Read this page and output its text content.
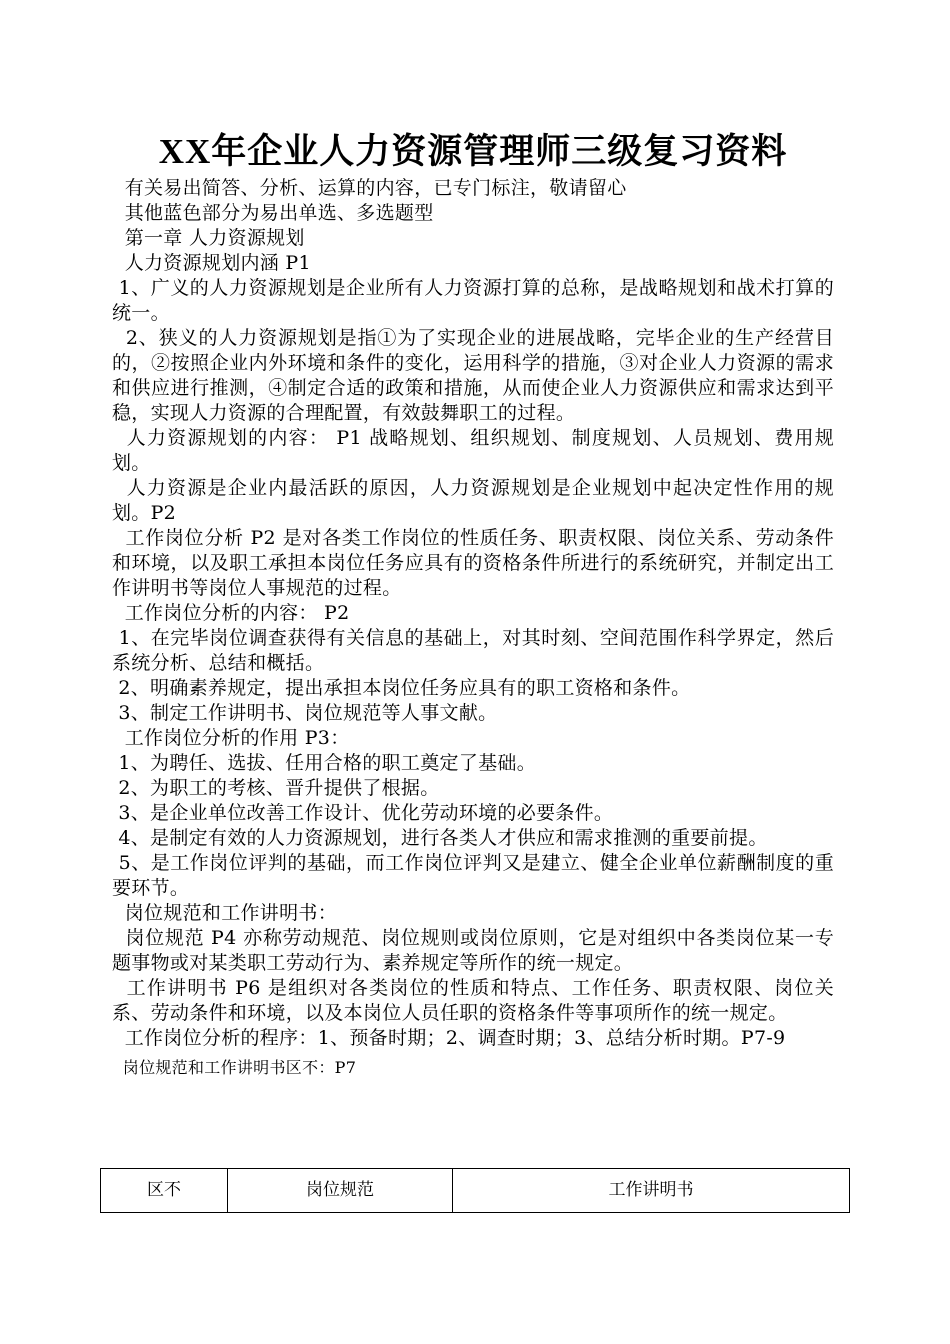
XX年企业人力资源管理师三级复习资料

有关易出简答、分析、运算的内容，已专门标注，敬请留心

其他蓝色部分为易出单选、多选题型

第一章 人力资源规划

人力资源规划内涵 P1

1、广义的人力资源规划是企业所有人力资源打算的总称，是战略规划和战术打算的统一。

2、狭义的人力资源规划是指①为了实现企业的进展战略，完毕企业的生产经营目的，②按照企业内外环境和条件的变化，运用科学的措施，③对企业人力资源的需求和供应进行推测，④制定合适的政策和措施，从而使企业人力资源供应和需求达到平稳，实现人力资源的合理配置，有效鼓舞职工的过程。

人力资源规划的内容： P1 战略规划、组织规划、制度规划、人员规划、费用规划。

人力资源是企业内最活跃的原因，人力资源规划是企业规划中起决定性作用的规划。P2

工作岗位分析 P2 是对各类工作岗位的性质任务、职责权限、岗位关系、劳动条件和环境，以及职工承担本岗位任务应具有的资格条件所进行的系统研究，并制定出工作讲明书等岗位人事规范的过程。

工作岗位分析的内容： P2

1、在完毕岗位调查获得有关信息的基础上，对其时刻、空间范围作科学界定，然后系统分析、总结和概括。

2、明确素养规定，提出承担本岗位任务应具有的职工资格和条件。

3、制定工作讲明书、岗位规范等人事文献。

工作岗位分析的作用 P3：

1、为聘任、选拔、任用合格的职工奠定了基础。

2、为职工的考核、晋升提供了根据。

3、是企业单位改善工作设计、优化劳动环境的必要条件。

4、是制定有效的人力资源规划，进行各类人才供应和需求推测的重要前提。

5、是工作岗位评判的基础，而工作岗位评判又是建立、健全企业单位薪酬制度的重要环节。

岗位规范和工作讲明书：

岗位规范 P4 亦称劳动规范、岗位规则或岗位原则，它是对组织中各类岗位某一专题事物或对某类职工劳动行为、素养规定等所作的统一规定。

工作讲明书 P6 是组织对各类岗位的性质和特点、工作任务、职责权限、岗位关系、劳动条件和环境，以及本岗位人员任职的资格条件等事项所作的统一规定。

工作岗位分析的程序：1、预备时期；2、调查时期；3、总结分析时期。P7-9

岗位规范和工作讲明书区不：P7

区不	岗位规范	工作讲明书
